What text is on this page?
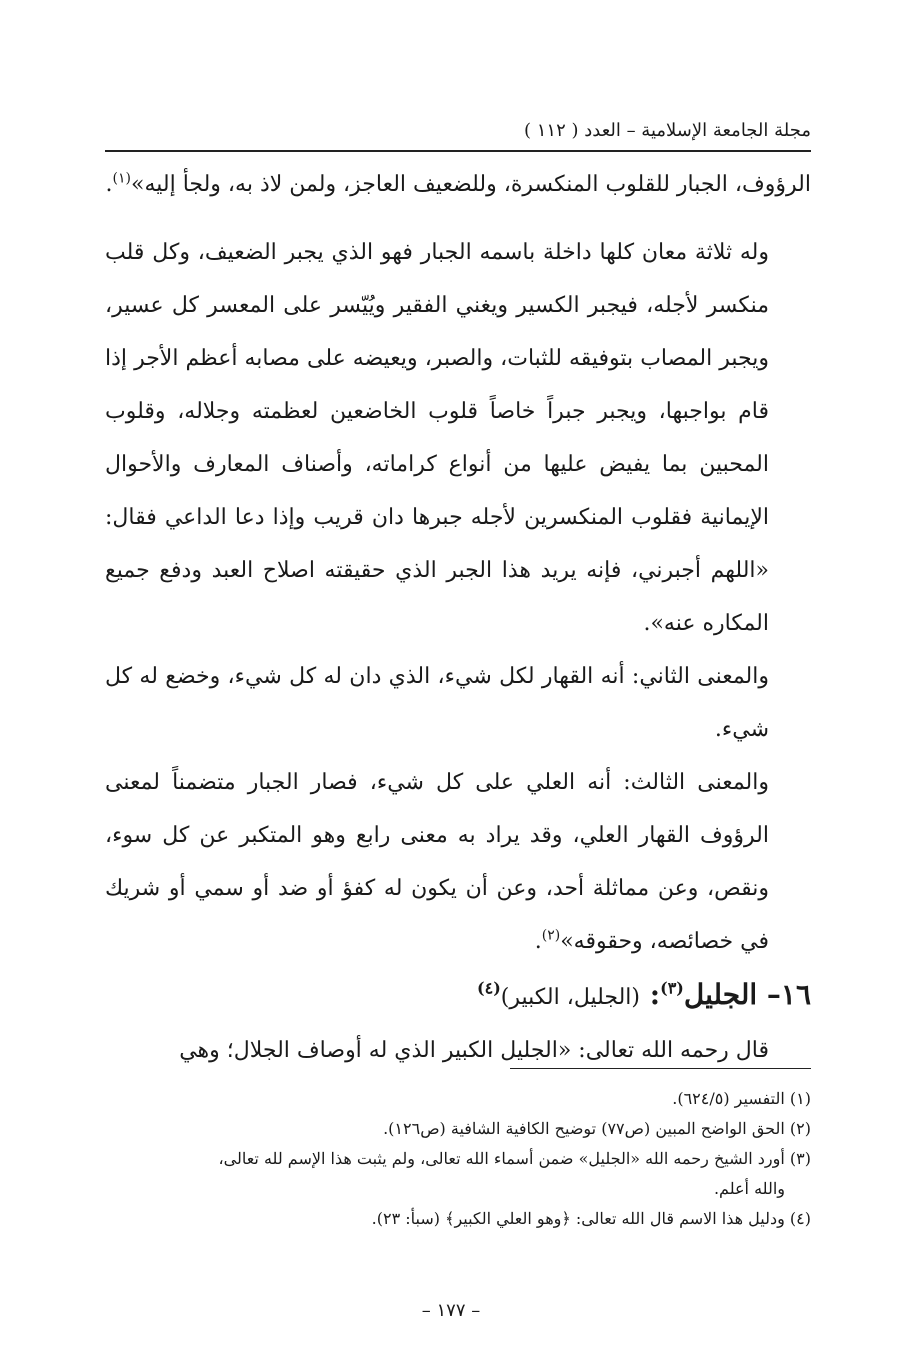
مجلة الجامعة الإسلامية – العدد ( ١١٢ )

الرؤوف، الجبار للقلوب المنكسرة، وللضعيف العاجز، ولمن لاذ به، ولجأ إليه»$^{(١)}$.

وله ثلاثة معان كلها داخلة باسمه الجبار فهو الذي يجبر الضعيف، وكل قلب منكسر لأجله، فيجبر الكسير ويغني الفقير ويُيّسر على المعسر كل عسير، ويجبر المصاب بتوفيقه للثبات، والصبر، ويعيضه على مصابه أعظم الأجر إذا قام بواجبها، ويجبر جبراً خاصاً قلوب الخاضعين لعظمته وجلاله، وقلوب المحبين بما يفيض عليها من أنواع كراماته، وأصناف المعارف والأحوال الإيمانية فقلوب المنكسرين لأجله جبرها دان قريب وإذا دعا الداعي فقال: «اللهم أجبرني، فإنه يريد هذا الجبر الذي حقيقته اصلاح العبد ودفع جميع المكاره عنه».

والمعنى الثاني: أنه القهار لكل شيء، الذي دان له كل شيء، وخضع له كل شيء.

والمعنى الثالث: أنه العلي على كل شيء، فصار الجبار متضمناً لمعنى الرؤوف القهار العلي، وقد يراد به معنى رابع وهو المتكبر عن كل سوء، ونقص، وعن مماثلة أحد، وعن أن يكون له كفؤ أو ضد أو سمي أو شريك في خصائصه، وحقوقه»$^{(٢)}$.

١٦– الجليل$^{(٣)}$: (الجليل، الكبير)$^{(٤)}$

قال رحمه الله تعالى: «الجليل الكبير الذي له أوصاف الجلال؛ وهي

(١) التفسير (٦٢٤/٥).

(٢) الحق الواضح المبين (ص٧٧) توضيح الكافية الشافية (ص١٢٦).

(٣) أورد الشيخ رحمه الله «الجليل» ضمن أسماء الله تعالى، ولم يثبت هذا الإسم لله تعالى،

والله أعلم.

(٤) ودليل هذا الاسم قال الله تعالى: ﴿وهو العلي الكبير﴾ (سبأ: ٢٣).

– ١٧٧ –
